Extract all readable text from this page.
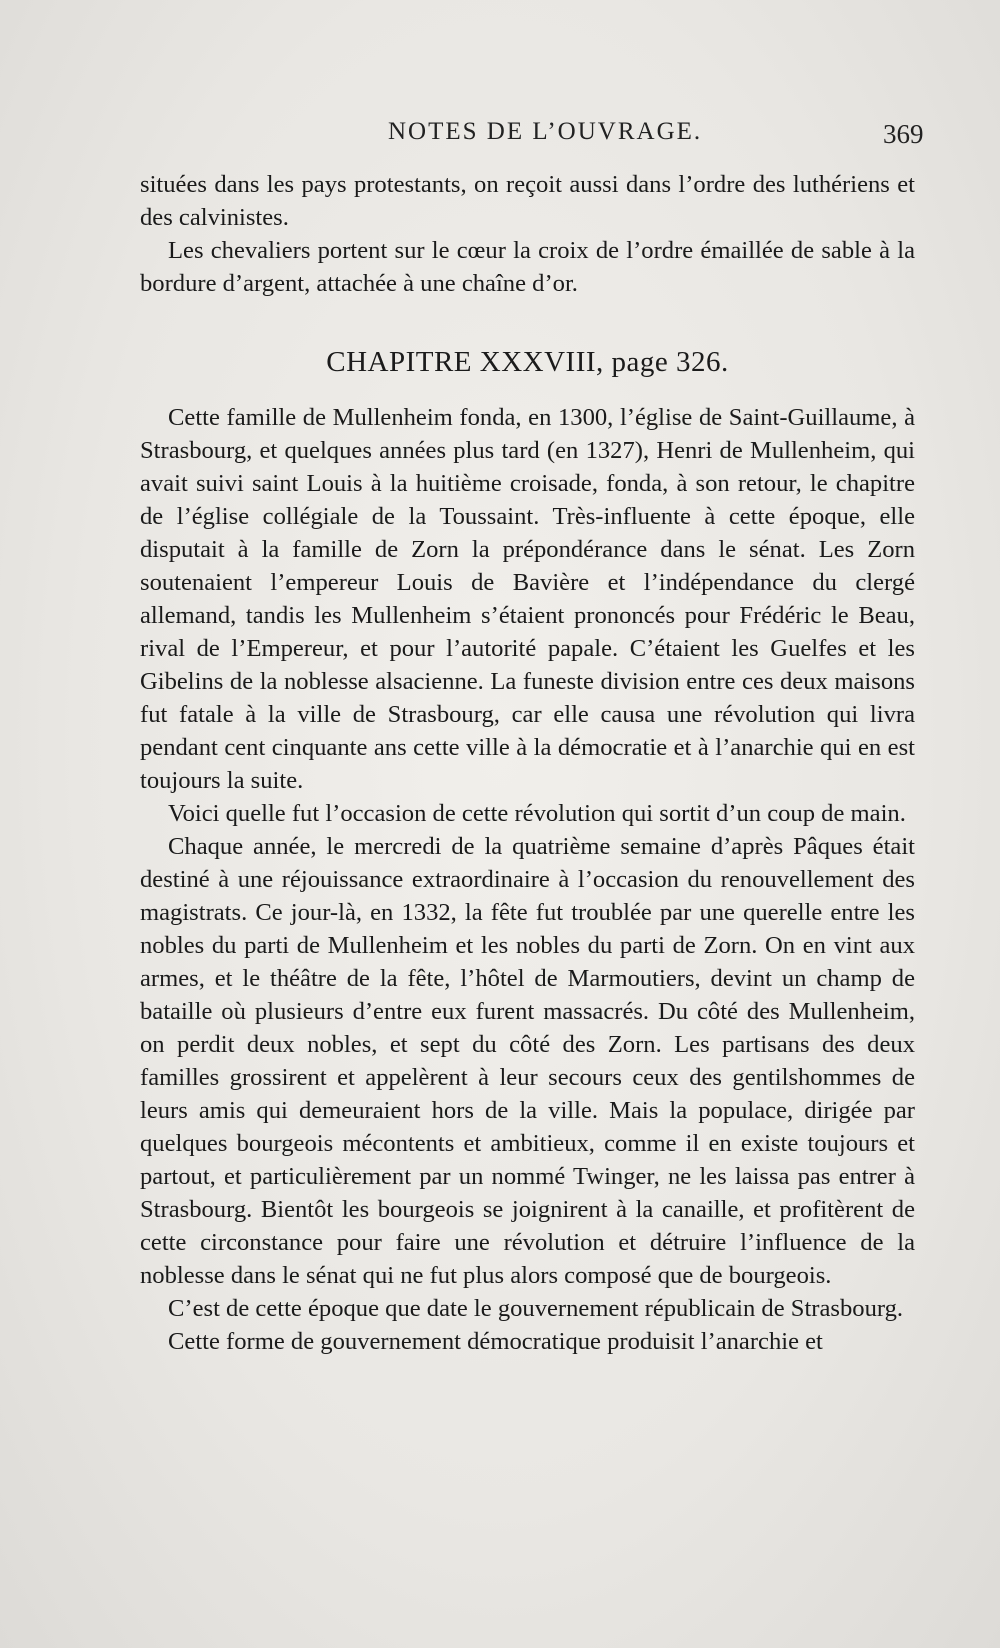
NOTES DE L’OUVRAGE.	369

situées dans les pays protestants, on reçoit aussi dans l’ordre des luthériens et des calvinistes.

Les chevaliers portent sur le cœur la croix de l’ordre émaillée de sable à la bordure d’argent, attachée à une chaîne d’or.

CHAPITRE XXXVIII, page 326.

Cette famille de Mullenheim fonda, en 1300, l’église de Saint-Guillaume, à Strasbourg, et quelques années plus tard (en 1327), Henri de Mullenheim, qui avait suivi saint Louis à la huitième croisade, fonda, à son retour, le chapitre de l’église collégiale de la Toussaint. Très-influente à cette époque, elle disputait à la famille de Zorn la prépondérance dans le sénat. Les Zorn soutenaient l’empereur Louis de Bavière et l’indépendance du clergé allemand, tandis les Mullenheim s’étaient prononcés pour Frédéric le Beau, rival de l’Empereur, et pour l’autorité papale. C’étaient les Guelfes et les Gibelins de la noblesse alsacienne. La funeste division entre ces deux maisons fut fatale à la ville de Strasbourg, car elle causa une révolution qui livra pendant cent cinquante ans cette ville à la démocratie et à l’anarchie qui en est toujours la suite.

Voici quelle fut l’occasion de cette révolution qui sortit d’un coup de main.

Chaque année, le mercredi de la quatrième semaine d’après Pâques était destiné à une réjouissance extraordinaire à l’occasion du renouvellement des magistrats. Ce jour-là, en 1332, la fête fut troublée par une querelle entre les nobles du parti de Mullenheim et les nobles du parti de Zorn. On en vint aux armes, et le théâtre de la fête, l’hôtel de Marmoutiers, devint un champ de bataille où plusieurs d’entre eux furent massacrés. Du côté des Mullenheim, on perdit deux nobles, et sept du côté des Zorn. Les partisans des deux familles grossirent et appelèrent à leur secours ceux des gentilshommes de leurs amis qui demeuraient hors de la ville. Mais la populace, dirigée par quelques bourgeois mécontents et ambitieux, comme il en existe toujours et partout, et particulièrement par un nommé Twinger, ne les laissa pas entrer à Strasbourg. Bientôt les bourgeois se joignirent à la canaille, et profitèrent de cette circonstance pour faire une révolution et détruire l’influence de la noblesse dans le sénat qui ne fut plus alors composé que de bourgeois.

C’est de cette époque que date le gouvernement républicain de Strasbourg.

Cette forme de gouvernement démocratique produisit l’anarchie et
